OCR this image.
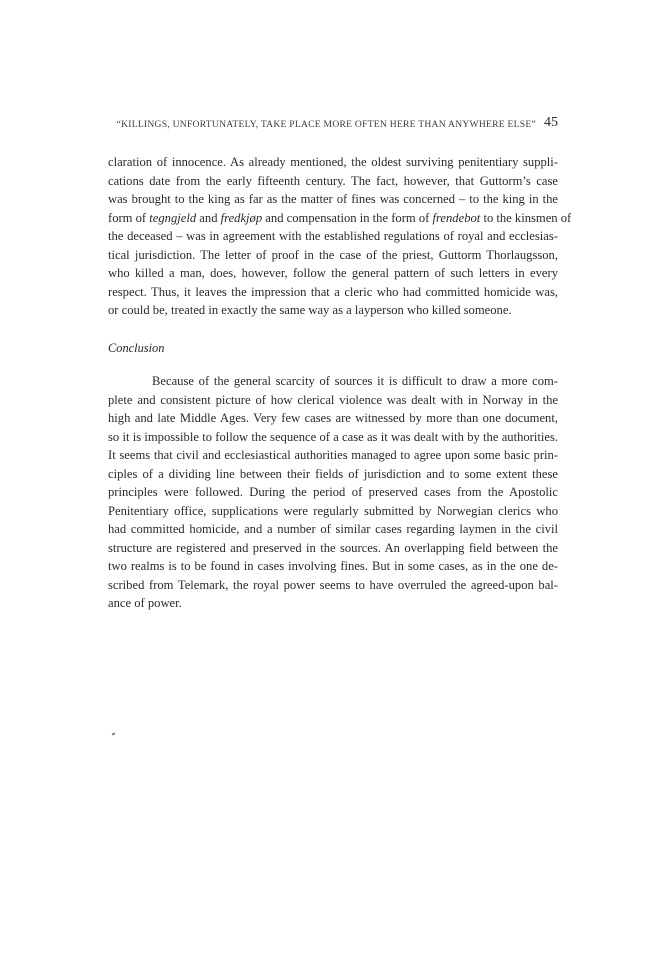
“KILLINGS, UNFORTUNATELY, TAKE PLACE MORE OFTEN HERE THAN ANYWHERE ELSE” 45

claration of innocence. As already mentioned, the oldest surviving penitentiary suppli-
cations date from the early fifteenth century. The fact, however, that Guttorm’s case
was brought to the king as far as the matter of fines was concerned – to the king in the
form of tegngjeld and fredkjøp and compensation in the form of frendebot to the kinsmen of
the deceased – was in agreement with the established regulations of royal and ecclesias-
tical jurisdiction. The letter of proof in the case of the priest, Guttorm Thorlaugsson,
who killed a man, does, however, follow the general pattern of such letters in every
respect. Thus, it leaves the impression that a cleric who had committed homicide was,
or could be, treated in exactly the same way as a layperson who killed someone.

Conclusion

Because of the general scarcity of sources it is difficult to draw a more com-
plete and consistent picture of how clerical violence was dealt with in Norway in the
high and late Middle Ages. Very few cases are witnessed by more than one document,
so it is impossible to follow the sequence of a case as it was dealt with by the authorities.
It seems that civil and ecclesiastical authorities managed to agree upon some basic prin-
ciples of a dividing line between their fields of jurisdiction and to some extent these
principles were followed. During the period of preserved cases from the Apostolic
Penitentiary office, supplications were regularly submitted by Norwegian clerics who
had committed homicide, and a number of similar cases regarding laymen in the civil
structure are registered and preserved in the sources. An overlapping field between the
two realms is to be found in cases involving fines. But in some cases, as in the one de-
scribed from Telemark, the royal power seems to have overruled the agreed-upon bal-
ance of power.
